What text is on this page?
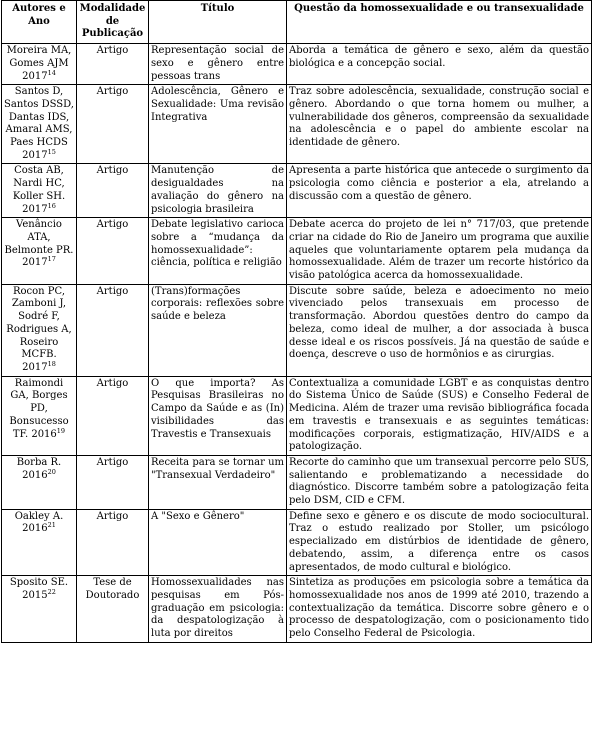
Autores e Ano	Modalidade de Publicação	Título	Questão da homossexualidade e ou transexualidade
Moreira MA, Gomes AJM 2017$^{14}$	Artigo	Representação social de sexo e gênero entre pessoas trans	Aborda a temática de gênero e sexo, além da questão biológica e a concepção social.
Santos D, Santos DSSD, Dantas IDS, Amaral AMS, Paes HCDS 2017$^{15}$	Artigo	Adolescência, Gênero e Sexualidade: Uma revisão Integrativa	Traz sobre adolescência, sexualidade, construção social e gênero. Abordando o que torna homem ou mulher, a vulnerabilidade dos gêneros, compreensão da sexualidade na adolescência e o papel do ambiente escolar na identidade de gênero.
Costa AB, Nardi HC, Koller SH. 2017$^{16}$	Artigo	Manutenção de desigualdades na avaliação do gênero na psicologia brasileira	Apresenta a parte histórica que antecede o surgimento da psicologia como ciência e posterior a ela, atrelando a discussão com a questão de gênero.
Venâncio ATA, Belmonte PR. 2017$^{17}$	Artigo	Debate legislativo carioca sobre a “mudança da homossexualidade”: ciência, política e religião	Debate acerca do projeto de lei n° 717/03, que pretende criar na cidade do Rio de Janeiro um programa que auxilie aqueles que voluntariamente optarem pela mudança da homossexualidade. Além de trazer um recorte histórico da visão patológica acerca da homossexualidade.
Rocon PC, Zamboni J, Sodré F, Rodrigues A, Roseiro MCFB. 2017$^{18}$	Artigo	(Trans)formações corporais: reflexões sobre saúde e beleza	Discute sobre saúde, beleza e adoecimento no meio vivenciado pelos transexuais em processo de transformação. Abordou questões dentro do campo da beleza, como ideal de mulher, a dor associada à busca desse ideal e os riscos possíveis. Já na questão de saúde e doença, descreve o uso de hormônios e as cirurgias.
Raimondi GA, Borges PD, Bonsucesso TF. 2016$^{19}$	Artigo	O que importa? As Pesquisas Brasileiras no Campo da Saúde e as (In) visibilidades das Travestis e Transexuais	Contextualiza a comunidade LGBT e as conquistas dentro do Sistema Único de Saúde (SUS) e Conselho Federal de Medicina. Além de trazer uma revisão bibliográfica focada em travestis e transexuais e as seguintes temáticas: modificações corporais, estigmatização, HIV/AIDS e a patologização.
Borba R. 2016$^{20}$	Artigo	Receita para se tornar um "Transexual Verdadeiro"	Recorte do caminho que um transexual percorre pelo SUS, salientando e problematizando a necessidade do diagnóstico. Discorre também sobre a patologização feita pelo DSM, CID e CFM.
Oakley A. 2016$^{21}$	Artigo	A "Sexo e Gênero"	Define sexo e gênero e os discute de modo sociocultural. Traz o estudo realizado por Stoller, um psicólogo especializado em distúrbios de identidade de gênero, debatendo, assim, a diferença entre os casos apresentados, de modo cultural e biológico.
Sposito SE. 2015$^{22}$	Tese de Doutorado	Homossexualidades nas pesquisas em Pós-graduação em psicologia: da despatologização à luta por direitos	Sintetiza as produções em psicologia sobre a temática da homossexualidade nos anos de 1999 até 2010, trazendo a contextualização da temática. Discorre sobre gênero e o processo de despatologização, com o posicionamento tido pelo Conselho Federal de Psicologia.
